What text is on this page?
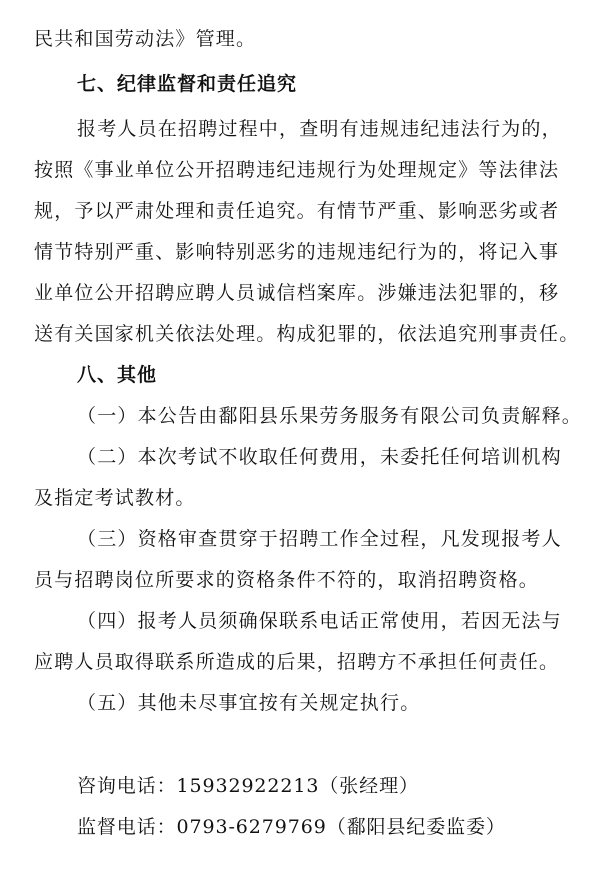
民共和国劳动法》管理。
七、纪律监督和责任追究
报考人员在招聘过程中，查明有违规违纪违法行为的，
按照《事业单位公开招聘违纪违规行为处理规定》等法律法
规，予以严肃处理和责任追究。有情节严重、影响恶劣或者
情节特别严重、影响特别恶劣的违规违纪行为的，将记入事
业单位公开招聘应聘人员诚信档案库。涉嫌违法犯罪的，移
送有关国家机关依法处理。构成犯罪的，依法追究刑事责任。
八、其他
（一）本公告由鄱阳县乐果劳务服务有限公司负责解释。
（二）本次考试不收取任何费用，未委托任何培训机构
及指定考试教材。
（三）资格审查贯穿于招聘工作全过程，凡发现报考人
员与招聘岗位所要求的资格条件不符的，取消招聘资格。
（四）报考人员须确保联系电话正常使用，若因无法与
应聘人员取得联系所造成的后果，招聘方不承担任何责任。
（五）其他未尽事宜按有关规定执行。
咨询电话：15932922213（张经理）
监督电话：0793-6279769（鄱阳县纪委监委）
